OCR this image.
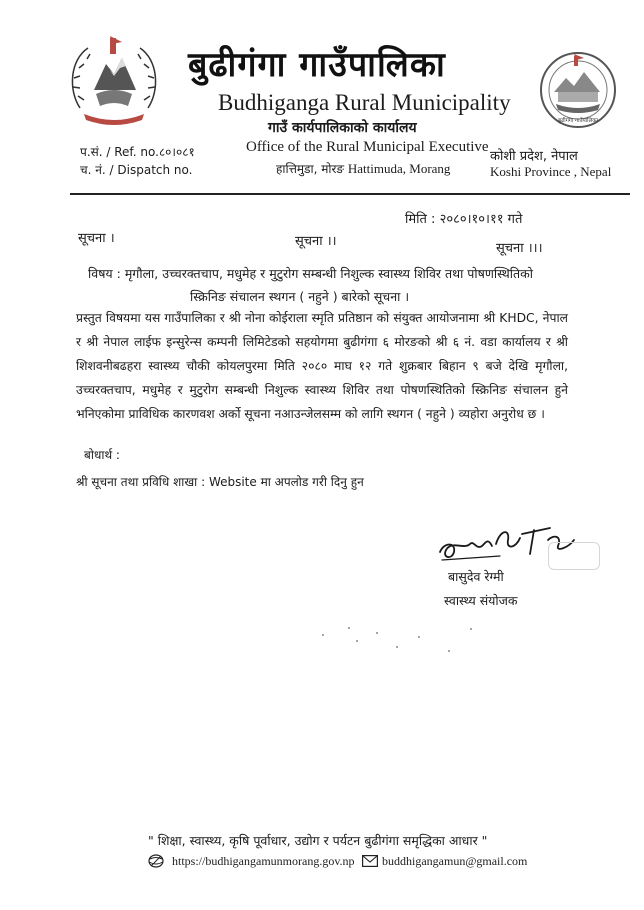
बुढीगंगा गाउँपालिका
बुढीगंगा गाउँपालिका
Budhiganga Rural Municipality
गाउँ कार्यपालिकाको कार्यालय
Office of the Rural Municipal Executive
हात्तिमुडा, मोरङ Hattimuda, Morang
प.सं. / Ref. no.८०।०८१
च. नं. / Dispatch no.
कोशी प्रदेश, नेपाल
Koshi Province , Nepal
मिति : २०८०।१०।११ गते
सूचना ।	सूचना ।।	सूचना ।।।
विषय : मृगौला, उच्चरक्तचाप, मधुमेह र मुटुरोग सम्बन्धी निशुल्क स्वास्थ्य शिविर तथा पोषणस्थितिको
स्क्रिनिङ संचालन स्थगन ( नहुने ) बारेको सूचना ।
प्रस्तुत विषयमा यस गाउँपालिका र श्री नोना कोईराला स्मृति प्रतिष्ठान को संयुक्त आयोजनामा श्री KHDC, नेपाल र श्री नेपाल लाईफ इन्सुरेन्स कम्पनी लिमिटेडको सहयोगमा बुढीगंगा ६ मोरङको श्री ६ नं. वडा कार्यालय र श्री शिशवनीबढहरा स्वास्थ्य चौकी कोयलपुरमा मिति २०८० माघ १२ गते शुक्रबार बिहान ९ बजे देखि मृगौला, उच्चरक्तचाप, मधुमेह र मुटुरोग सम्बन्धी निशुल्क स्वास्थ्य शिविर तथा पोषणस्थितिको स्क्रिनिङ संचालन हुने भनिएकोमा प्राविधिक कारणवश अर्को सूचना नआउन्जेलसम्म को लागि स्थगन ( नहुने ) व्यहोरा अनुरोध छ ।
बोधार्थ :
श्री सूचना तथा प्रविधि शाखा : Website मा अपलोड गरी दिनु हुन
बासुदेव रेग्मी
स्वास्थ्य संयोजक
" शिक्षा, स्वास्थ्य, कृषि पूर्वाधार, उद्योग र पर्यटन बुढीगंगा समृद्धिका आधार "
https://budhigangamunmorang.gov.np buddhigangamun@gmail.com
